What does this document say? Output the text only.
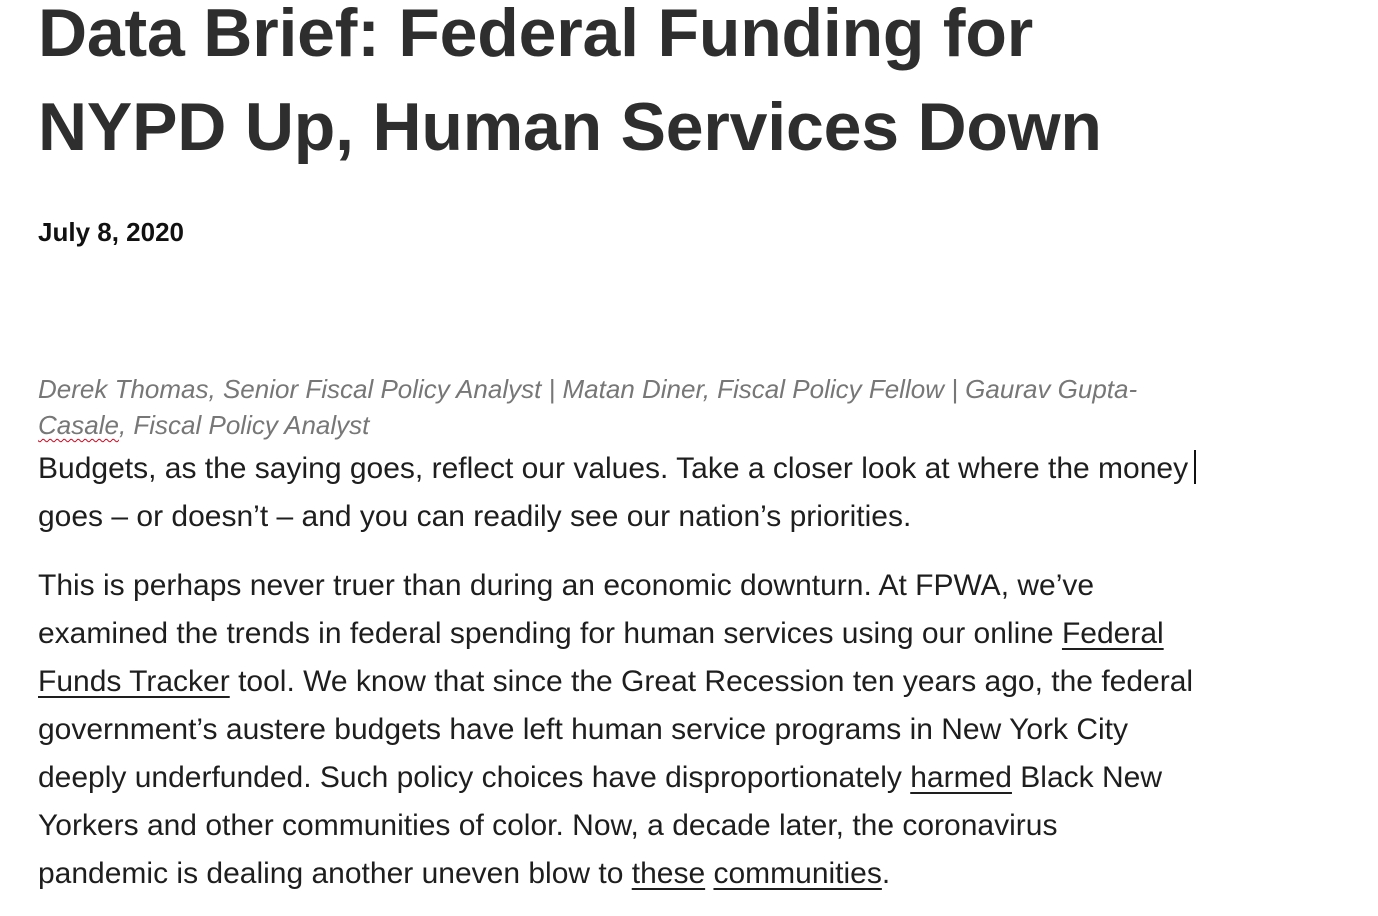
Data Brief: Federal Funding for
NYPD Up, Human Services Down
July 8, 2020
Derek Thomas, Senior Fiscal Policy Analyst | Matan Diner, Fiscal Policy Fellow | Gaurav Gupta-
Casale, Fiscal Policy Analyst
Budgets, as the saying goes, reflect our values. Take a closer look at where the money
goes – or doesn’t – and you can readily see our nation’s priorities.
This is perhaps never truer than during an economic downturn. At FPWA, we’ve
examined the trends in federal spending for human services using our online Federal
Funds Tracker tool. We know that since the Great Recession ten years ago, the federal
government’s austere budgets have left human service programs in New York City
deeply underfunded. Such policy choices have disproportionately harmed Black New
Yorkers and other communities of color. Now, a decade later, the coronavirus
pandemic is dealing another uneven blow to these communities.
